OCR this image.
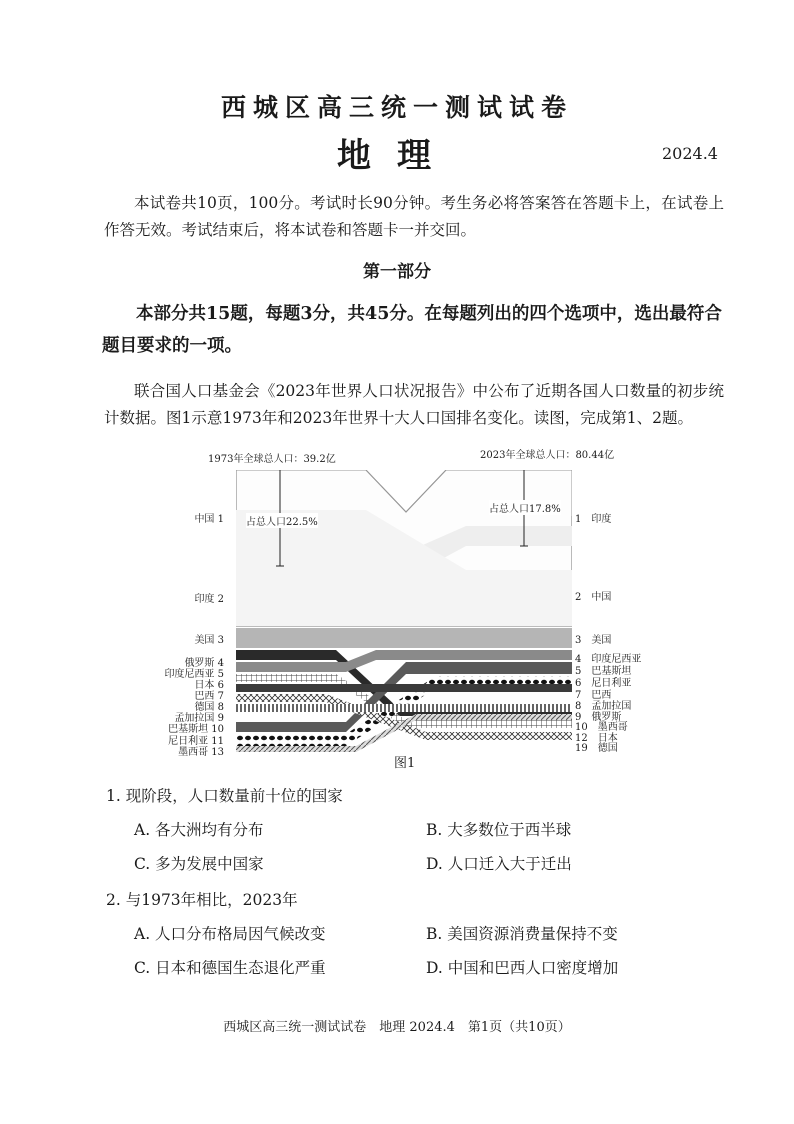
西城区高三统一测试试卷
地理	2024.4
本试卷共10页，100分。考试时长90分钟。考生务必将答案答在答题卡上，在试卷上作答无效。考试结束后，将本试卷和答题卡一并交回。
第一部分
本部分共15题，每题3分，共45分。在每题列出的四个选项中，选出最符合题目要求的一项。
联合国人口基金会《2023年世界人口状况报告》中公布了近期各国人口数量的初步统计数据。图1示意1973年和2023年世界十大人口国排名变化。读图，完成第1、2题。
1973年全球总人口：39.2亿	2023年全球总人口：80.44亿
占总人口22.5%
占总人口17.8%
中国 1
印度 2
美国 3
俄罗斯 4
印度尼西亚 5
日本 6
巴西 7
德国 8
孟加拉国 9
巴基斯坦 10
尼日利亚 11
墨西哥 13
1　 印度
2　 中国
3　 美国
4　 印度尼西亚
5　 巴基斯坦
6　 尼日利亚
7　 巴西
8　 孟加拉国
9　 俄罗斯
10　 墨西哥
12　 日本
19　 德国
图1
1. 现阶段，人口数量前十位的国家
A. 各大洲均有分布	B. 大多数位于西半球
C. 多为发展中国家	D. 人口迁入大于迁出
2. 与1973年相比，2023年
A. 人口分布格局因气候改变	B. 美国资源消费量保持不变
C. 日本和德国生态退化严重	D. 中国和巴西人口密度增加
西城区高三统一测试试卷　地理 2024.4　第1页（共10页）
